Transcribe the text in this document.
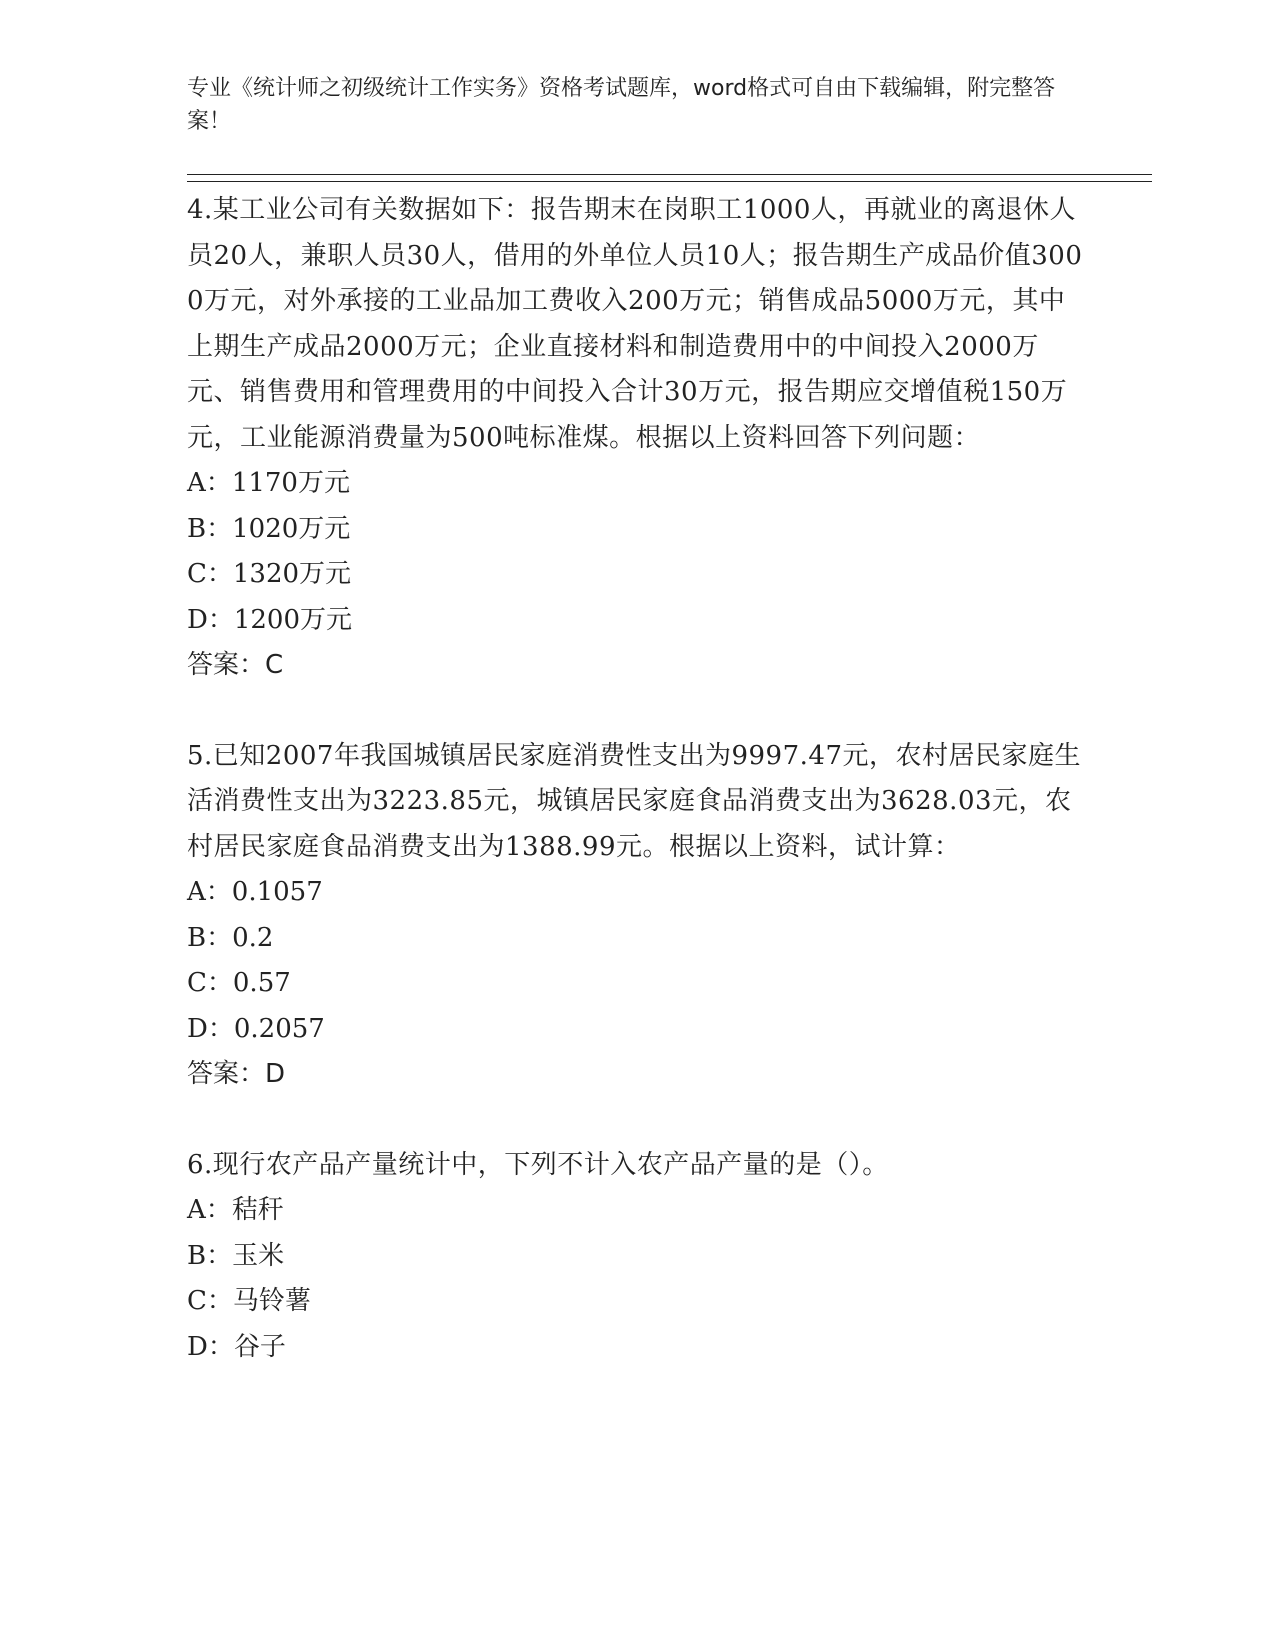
专业《统计师之初级统计工作实务》资格考试题库，word格式可自由下载编辑，附完整答案！

4.某工业公司有关数据如下：报告期末在岗职工1000人，再就业的离退休人员20人，兼职人员30人，借用的外单位人员10人；报告期生产成品价值3000万元，对外承接的工业品加工费收入200万元；销售成品5000万元，其中上期生产成品2000万元；企业直接材料和制造费用中的中间投入2000万元、销售费用和管理费用的中间投入合计30万元，报告期应交增值税150万元，工业能源消费量为500吨标准煤。根据以上资料回答下列问题：

A：1170万元

B：1020万元

C：1320万元

D：1200万元

答案：C

5.已知2007年我国城镇居民家庭消费性支出为9997.47元，农村居民家庭生活消费性支出为3223.85元，城镇居民家庭食品消费支出为3628.03元，农村居民家庭食品消费支出为1388.99元。根据以上资料，试计算：

A：0.1057

B：0.2

C：0.57

D：0.2057

答案：D

6.现行农产品产量统计中，下列不计入农产品产量的是（）。

A：秸秆

B：玉米

C：马铃薯

D：谷子
